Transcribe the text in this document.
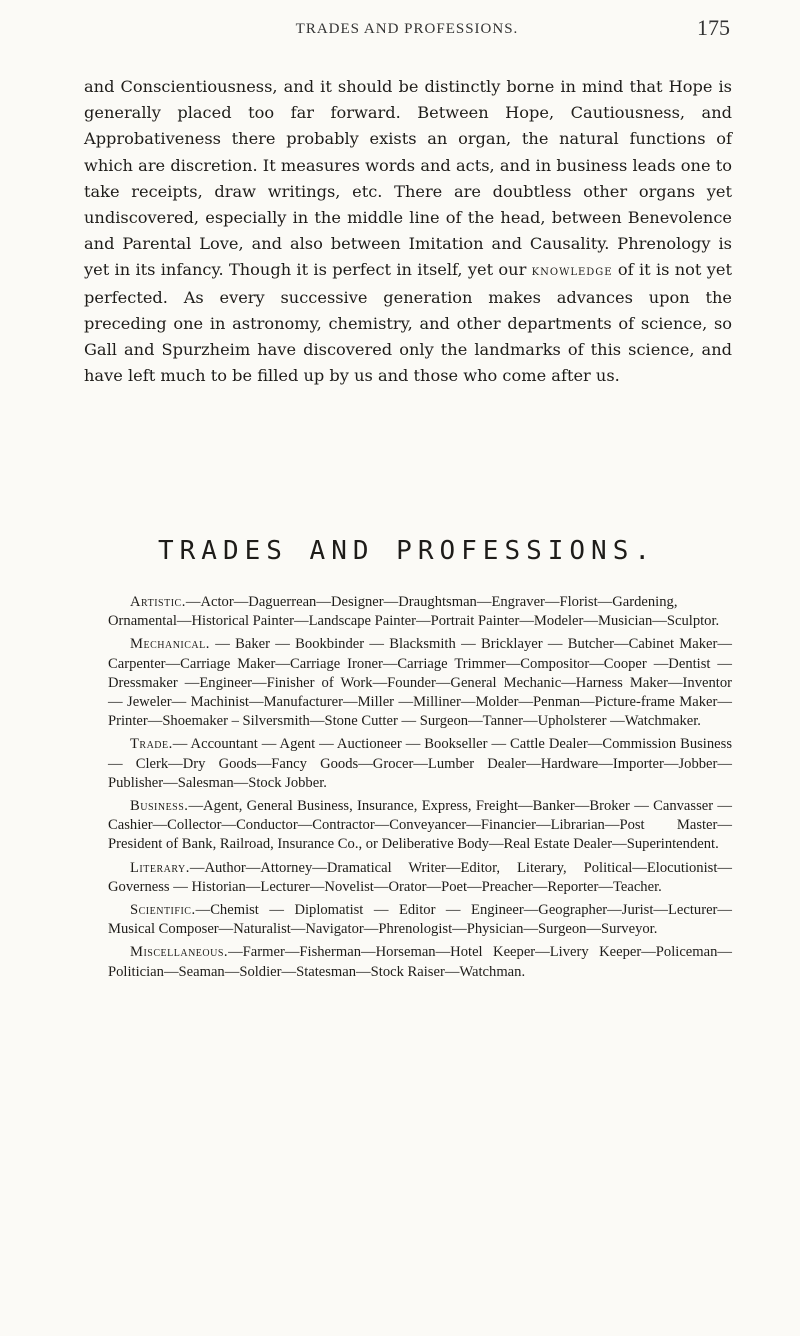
TRADES AND PROFESSIONS.	175

and Conscientiousness, and it should be distinctly borne in mind that Hope is generally placed too far forward. Between Hope, Cautiousness, and Approbativeness there probably exists an organ, the natural functions of which are discretion. It measures words and acts, and in business leads one to take receipts, draw writings, etc. There are doubtless other organs yet undiscovered, especially in the middle line of the head, between Benevolence and Parental Love, and also between Imitation and Causality. Phrenology is yet in its infancy. Though it is perfect in itself, yet our knowledge of it is not yet perfected. As every successive generation makes advances upon the preceding one in astronomy, chemistry, and other departments of science, so Gall and Spurzheim have discovered only the landmarks of this science, and have left much to be filled up by us and those who come after us.

TRADES AND PROFESSIONS.

Artistic.—Actor—Daguerrean—Designer—Draughtsman—Engraver—Florist—Gardening, Ornamental—Historical Painter—Landscape Painter—Portrait Painter—Modeler—Musician—Sculptor.

Mechanical. — Baker — Bookbinder — Blacksmith — Bricklayer — Butcher—Cabinet Maker—Carpenter—Carriage Maker—Carriage Ironer—Carriage Trimmer—Compositor—Cooper —Dentist — Dressmaker —Engineer—Finisher of Work—Founder—General Mechanic—Harness Maker—Inventor — Jeweler— Machinist—Manufacturer—Miller —Milliner—Molder—Penman—Picture-frame Maker—Printer—Shoemaker – Silversmith—Stone Cutter — Surgeon—Tanner—Upholsterer —Watchmaker.

Trade.— Accountant — Agent — Auctioneer — Bookseller — Cattle Dealer—Commission Business — Clerk—Dry Goods—Fancy Goods—Grocer—Lumber Dealer—Hardware—Importer—Jobber—Publisher—Salesman—Stock Jobber.

Business.—Agent, General Business, Insurance, Express, Freight—Banker—Broker — Canvasser — Cashier—Collector—Conductor—Contractor—Conveyancer—Financier—Librarian—Post Master—President of Bank, Railroad, Insurance Co., or Deliberative Body—Real Estate Dealer—Superintendent.

Literary.—Author—Attorney—Dramatical Writer—Editor, Literary, Political—Elocutionist—Governess — Historian—Lecturer—Novelist—Orator—Poet—Preacher—Reporter—Teacher.

Scientific.—Chemist — Diplomatist — Editor — Engineer—Geographer—Jurist—Lecturer—Musical Composer—Naturalist—Navigator—Phrenologist—Physician—Surgeon—Surveyor.

Miscellaneous.—Farmer—Fisherman—Horseman—Hotel Keeper—Livery Keeper—Policeman—Politician—Seaman—Soldier—Statesman—Stock Raiser—Watchman.
